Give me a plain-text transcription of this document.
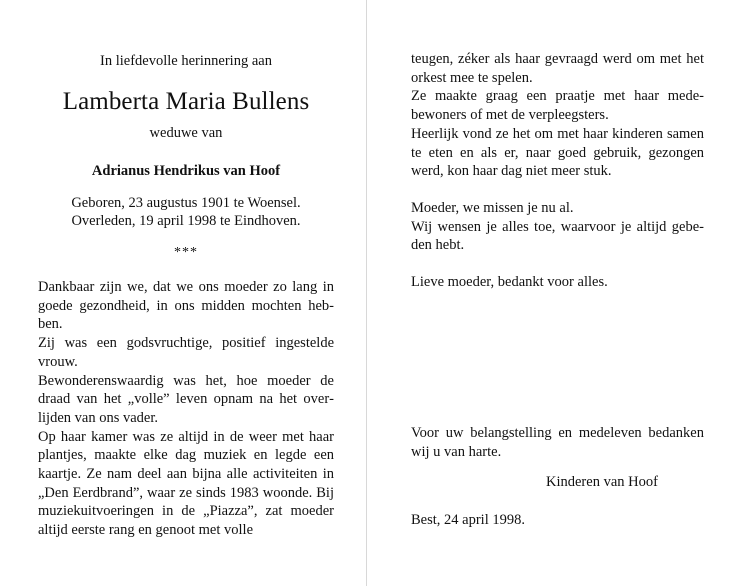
In liefdevolle herinnering aan
Lamberta Maria Bullens
weduwe van
Adrianus Hendrikus van Hoof
Geboren, 23 augustus 1901 te Woensel.
Overleden, 19 april 1998 te Eindhoven.
***

Dankbaar zijn we, dat we ons moeder zo lang in goede gezondheid, in ons midden mochten hebben.

Zij was een godsvruchtige, positief ingestelde vrouw.

Bewonderenswaardig was het, hoe moeder de draad van het „volle” leven opnam na het overlijden van ons vader.

Op haar kamer was ze altijd in de weer met haar plantjes, maakte elke dag muziek en legde een kaartje. Ze nam deel aan bijna alle activiteiten in „Den Eerdbrand”, waar ze sinds 1983 woonde. Bij muziekuitvoeringen in de „Piazza”, zat moeder altijd eerste rang en genoot met volle

teugen, zéker als haar gevraagd werd om met het orkest mee te spelen.

Ze maakte graag een praatje met haar medebewoners of met de verpleegsters.

Heerlijk vond ze het om met haar kinderen samen te eten en als er, naar goed gebruik, gezongen werd, kon haar dag niet meer stuk.

Moeder, we missen je nu al.

Wij wensen je alles toe, waarvoor je altijd gebeden hebt.

Lieve moeder, bedankt voor alles.

Voor uw belangstelling en medeleven bedanken wij u van harte.
Kinderen van Hoof
Best, 24 april 1998.
